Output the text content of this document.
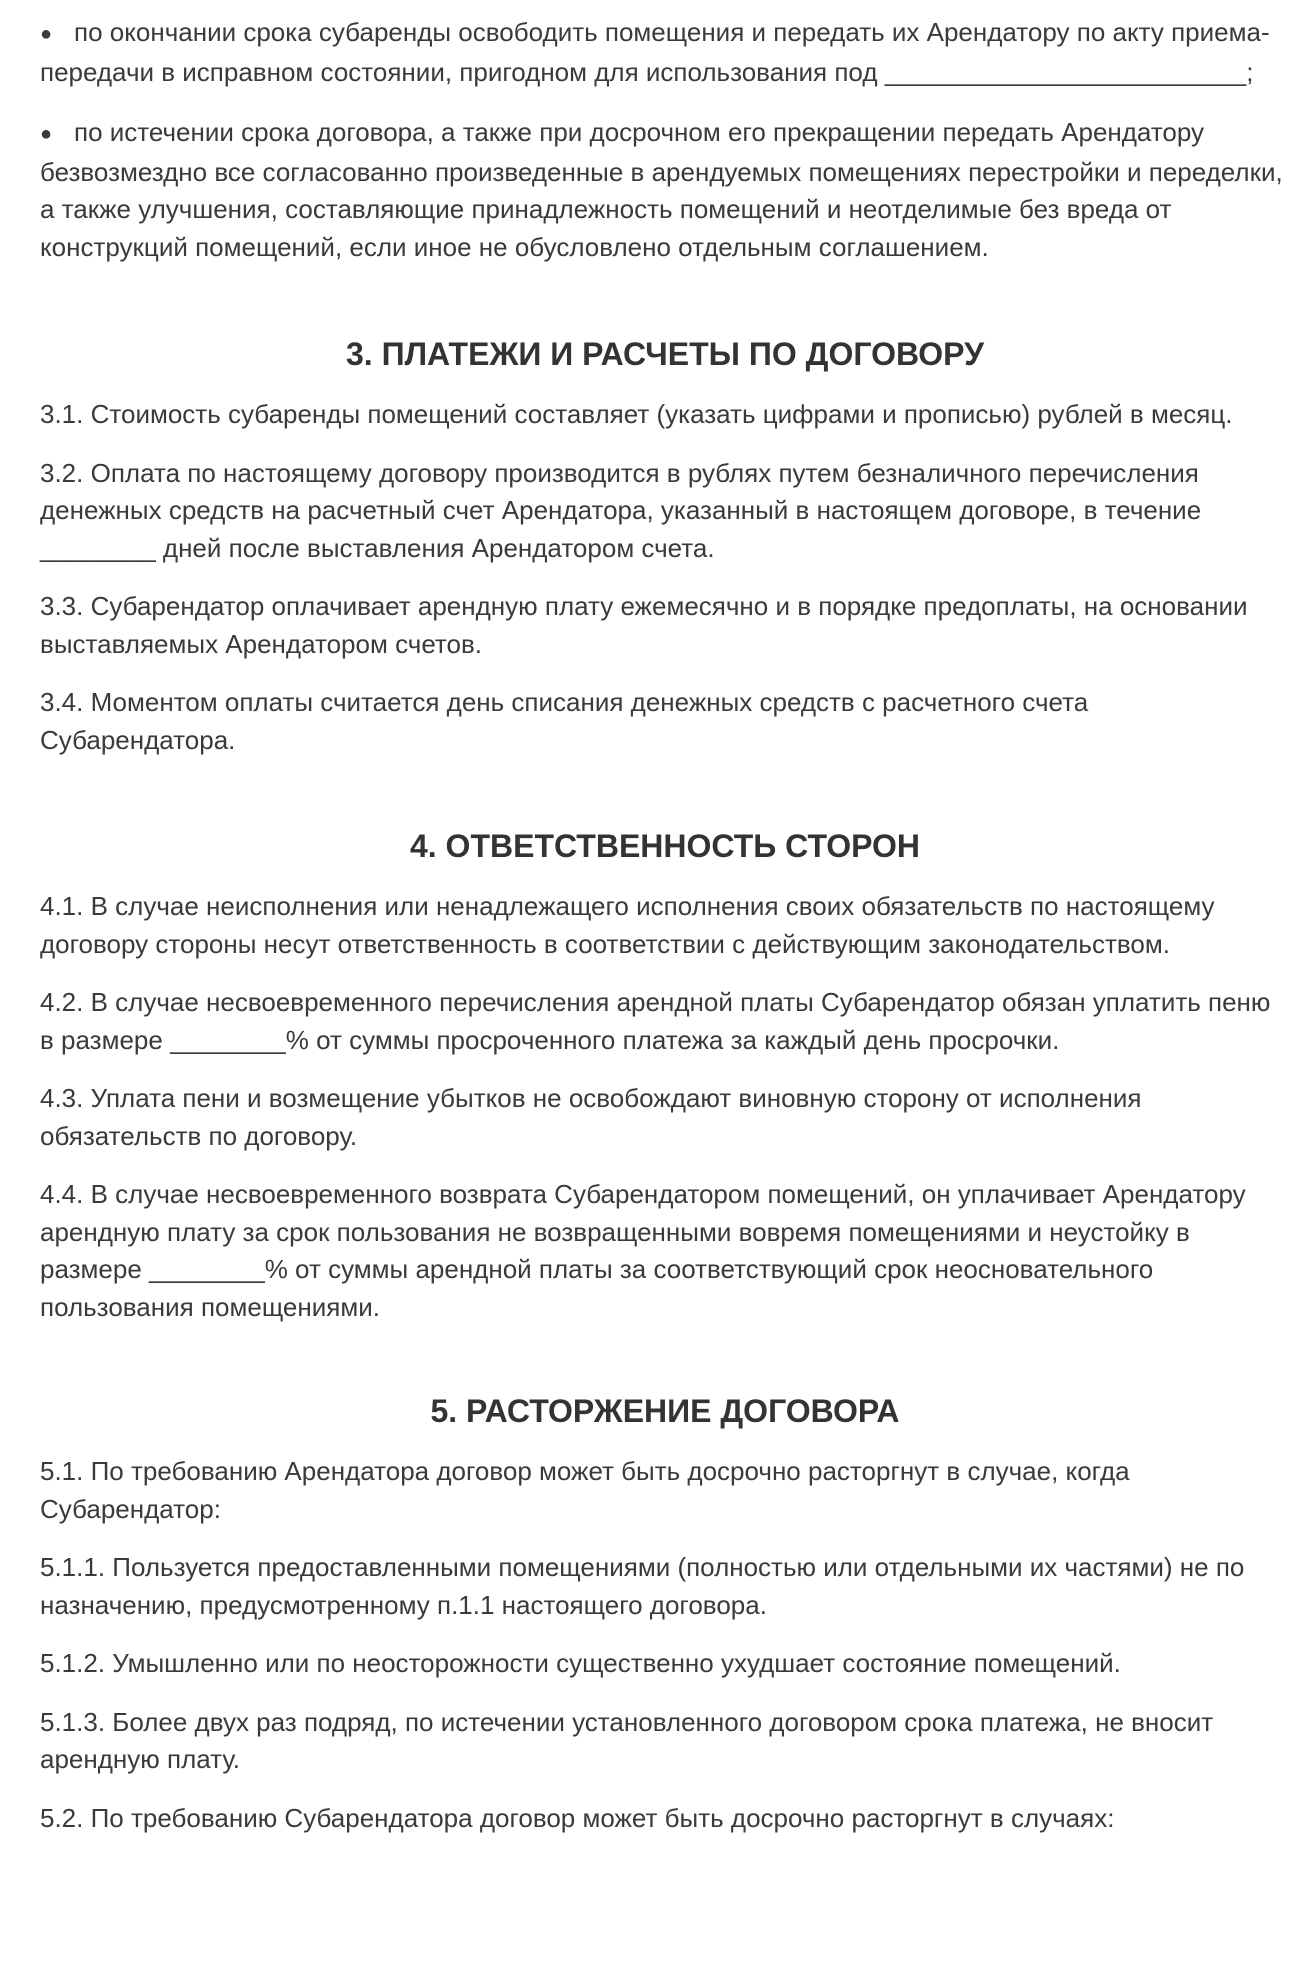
● по окончании срока субаренды освободить помещения и передать их Арендатору по акту приема-передачи в исправном состоянии, пригодном для использования под _________________________;
● по истечении срока договора, а также при досрочном его прекращении передать Арендатору безвозмездно все согласованно произведенные в арендуемых помещениях перестройки и переделки, а также улучшения, составляющие принадлежность помещений и неотделимые без вреда от конструкций помещений, если иное не обусловлено отдельным соглашением.
3. ПЛАТЕЖИ И РАСЧЕТЫ ПО ДОГОВОРУ

3.1. Стоимость субаренды помещений составляет (указать цифрами и прописью) рублей в месяц.

3.2. Оплата по настоящему договору производится в рублях путем безналичного перечисления денежных средств на расчетный счет Арендатора, указанный в настоящем договоре, в течение ________ дней после выставления Арендатором счета.

3.3. Субарендатор оплачивает арендную плату ежемесячно и в порядке предоплаты, на основании выставляемых Арендатором счетов.

3.4. Моментом оплаты считается день списания денежных средств с расчетного счета Субарендатора.

4. ОТВЕТСТВЕННОСТЬ СТОРОН

4.1. В случае неисполнения или ненадлежащего исполнения своих обязательств по настоящему договору стороны несут ответственность в соответствии с действующим законодательством.

4.2. В случае несвоевременного перечисления арендной платы Субарендатор обязан уплатить пеню в размере ________% от суммы просроченного платежа за каждый день просрочки.

4.3. Уплата пени и возмещение убытков не освобождают виновную сторону от исполнения обязательств по договору.

4.4. В случае несвоевременного возврата Субарендатором помещений, он уплачивает Арендатору арендную плату за срок пользования не возвращенными вовремя помещениями и неустойку в размере ________% от суммы арендной платы за соответствующий срок неосновательного пользования помещениями.

5. РАСТОРЖЕНИЕ ДОГОВОРА

5.1. По требованию Арендатора договор может быть досрочно расторгнут в случае, когда Субарендатор:

5.1.1. Пользуется предоставленными помещениями (полностью или отдельными их частями) не по назначению, предусмотренному п.1.1 настоящего договора.

5.1.2. Умышленно или по неосторожности существенно ухудшает состояние помещений.

5.1.3. Более двух раз подряд, по истечении установленного договором срока платежа, не вносит арендную плату.

5.2. По требованию Субарендатора договор может быть досрочно расторгнут в случаях:
